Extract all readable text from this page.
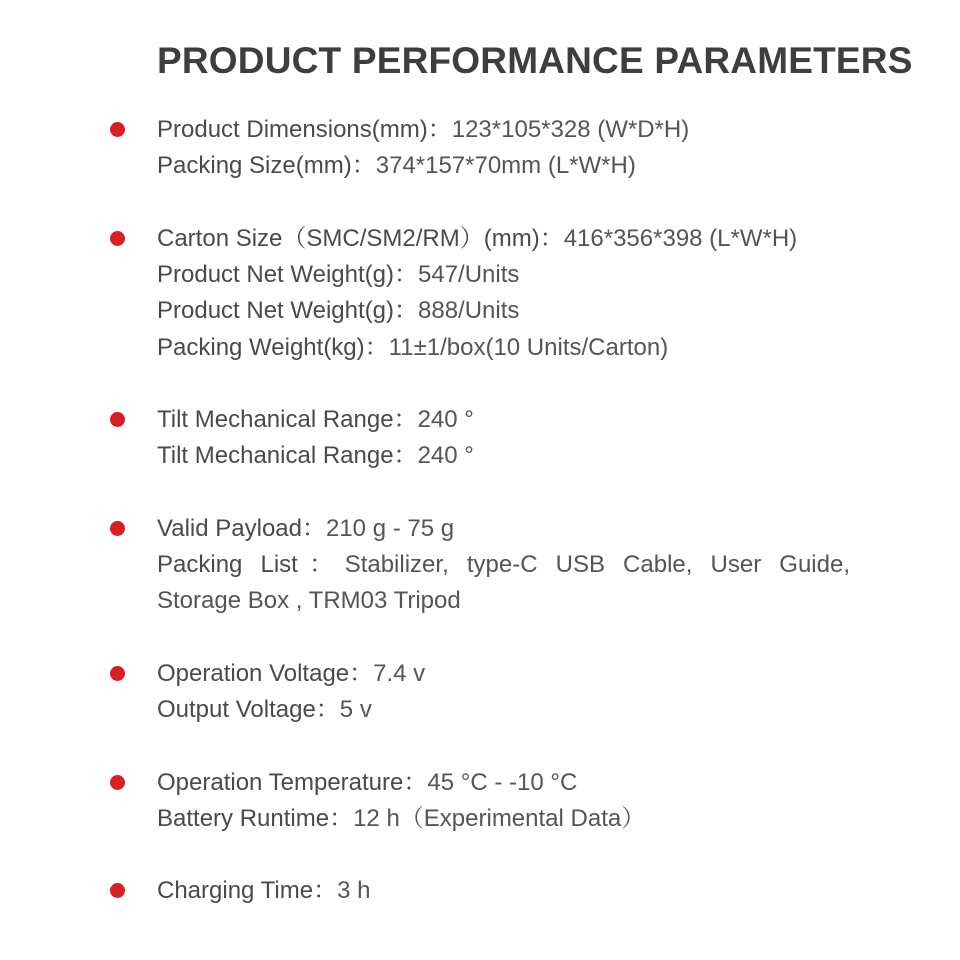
PRODUCT PERFORMANCE PARAMETERS
Product Dimensions(mm)： 123*105*328 (W*D*H)
Packing Size(mm)： 374*157*70mm (L*W*H)
Carton Size（SMC/SM2/RM）(mm)： 416*356*398 (L*W*H)
Product Net Weight(g)： 547/Units
Product Net Weight(g)： 888/Units
Packing Weight(kg)： 11±1/box(10 Units/Carton)
Tilt Mechanical Range： 240 °
Tilt Mechanical Range： 240 °
Valid Payload： 210 g - 75 g
Packing List：Stabilizer, type-C USB Cable, User Guide,
Storage Box , TRM03 Tripod
Operation Voltage： 7.4 v
Output Voltage： 5 v
Operation Temperature： 45 °C - -10 °C
Battery Runtime： 12 h（Experimental Data）
Charging Time： 3 h
